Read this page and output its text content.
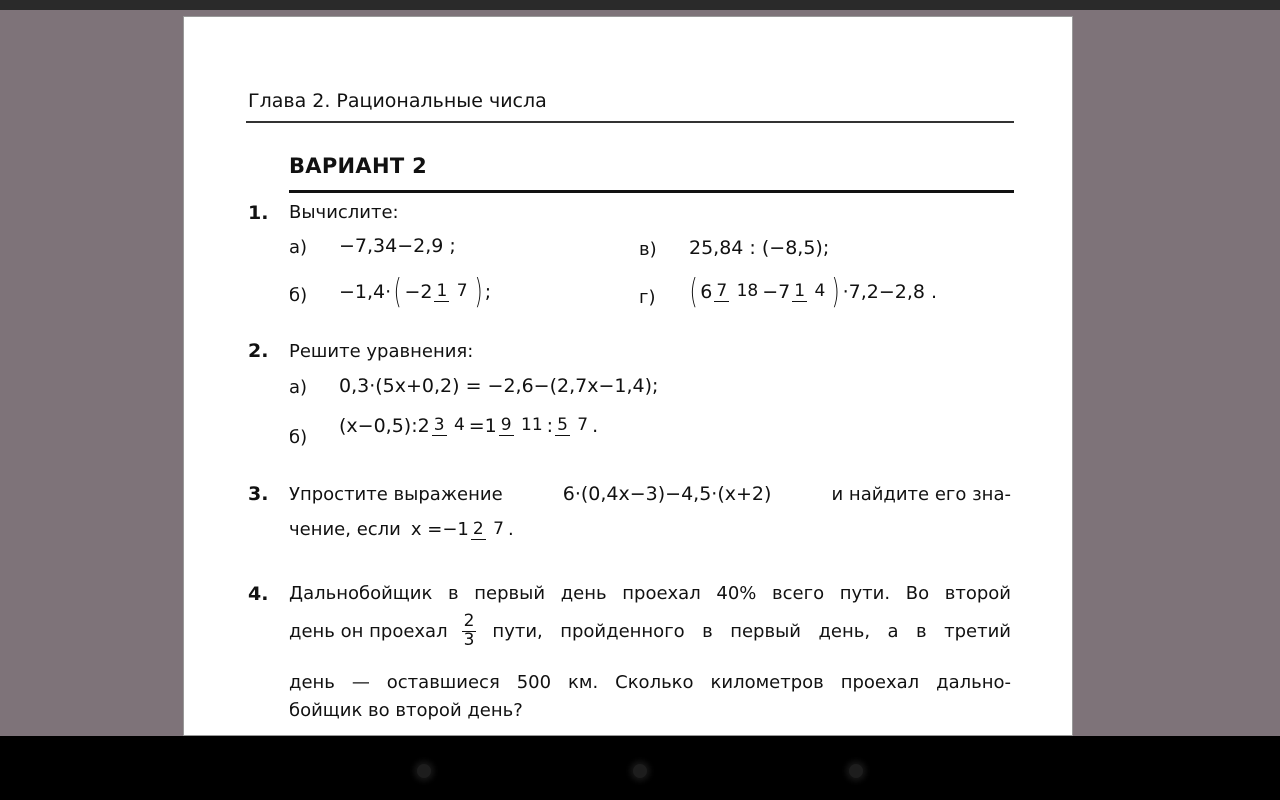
Глава 2. Рациональные числа
ВАРИАНТ 2
1. Вычислите:
а) −7,34−2,9 ;	в) 25,84 : (−8,5);
б) −1,4· ( −2 1 7 ) ;	г) ( 6 7 18 −7 1 4 ) ·7,2−2,8 .
2. Решите уравнения:
а) 0,3·(5x+0,2) = −2,6−(2,7x−1,4);
б)
(x−0,5):2 3 4 =1 9 11 : 5 7 .
3. Упростите выражение	6·(0,4x−3)−4,5·(x+2)	и найдите его зна-
чение, если x =−1 2 7 .
4. Дальнобойщик в первый день проехал 40% всего пути. Во второй
день он проехал $\frac{2}{3}$ пути, пройденного в первый день, а в третий
день — оставшиеся 500 км. Сколько километров проехал дально-
бойщик во второй день?
